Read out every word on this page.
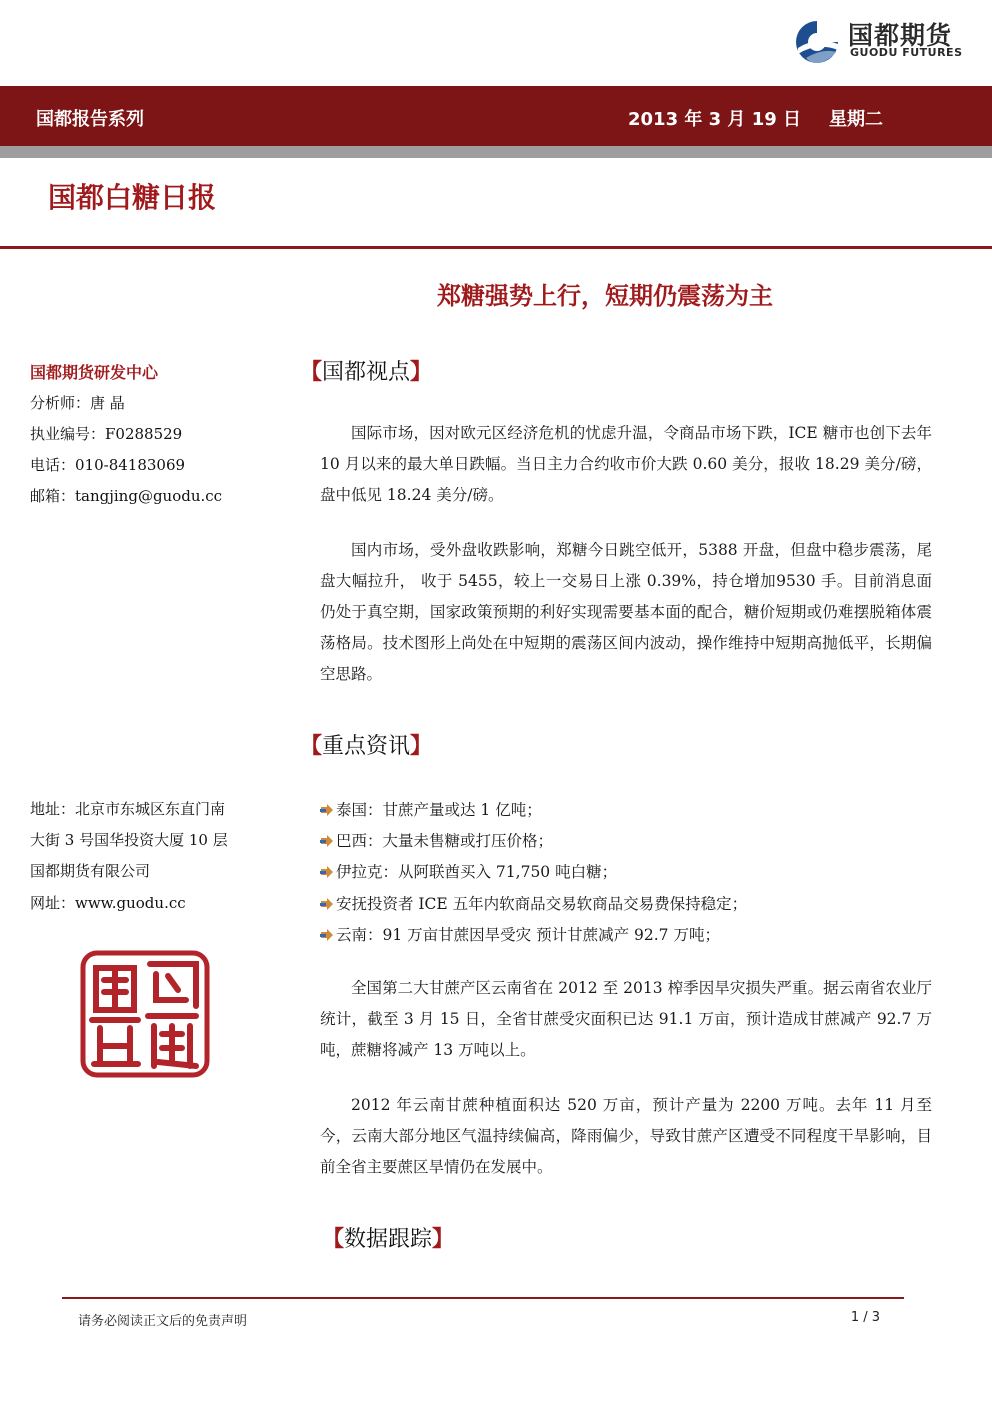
国都期货
GUODU FUTURES
国都报告系列	2013 年 3 月 19 日 星期二
国都白糖日报
郑糖强势上行，短期仍震荡为主
国都期货研发中心
分析师：唐 晶
执业编号：F0288529
电话：010-84183069
邮箱：tangjing@guodu.cc
地址：北京市东城区东直门南
大街 3 号国华投资大厦 10 层
国都期货有限公司
网址：www.guodu.cc
【国都视点】

国际市场，因对欧元区经济危机的忧虑升温，令商品市场下跌，ICE 糖市也创下去年 10 月以来的最大单日跌幅。当日主力合约收市价大跌 0.60 美分，报收 18.29 美分/磅，盘中低见 18.24 美分/磅。

国内市场，受外盘收跌影响，郑糖今日跳空低开，5388 开盘，但盘中稳步震荡，尾盘大幅拉升， 收于 5455，较上一交易日上涨 0.39%，持仓增加9530 手。目前消息面仍处于真空期，国家政策预期的利好实现需要基本面的配合，糖价短期或仍难摆脱箱体震荡格局。技术图形上尚处在中短期的震荡区间内波动，操作维持中短期高抛低平，长期偏空思路。

【重点资讯】
泰国：甘蔗产量或达 1 亿吨；
巴西：大量未售糖或打压价格；
伊拉克：从阿联酋买入 71,750 吨白糖；
安抚投资者 ICE 五年内软商品交易软商品交易费保持稳定；
云南：91 万亩甘蔗因旱受灾 预计甘蔗减产 92.7 万吨；

全国第二大甘蔗产区云南省在 2012 至 2013 榨季因旱灾损失严重。据云南省农业厅统计，截至 3 月 15 日，全省甘蔗受灾面积已达 91.1 万亩，预计造成甘蔗减产 92.7 万吨，蔗糖将减产 13 万吨以上。

2012 年云南甘蔗种植面积达 520 万亩，预计产量为 2200 万吨。去年 11 月至今，云南大部分地区气温持续偏高，降雨偏少，导致甘蔗产区遭受不同程度干旱影响，目前全省主要蔗区旱情仍在发展中。

【数据跟踪】
请务必阅读正文后的免责声明	1 / 3
